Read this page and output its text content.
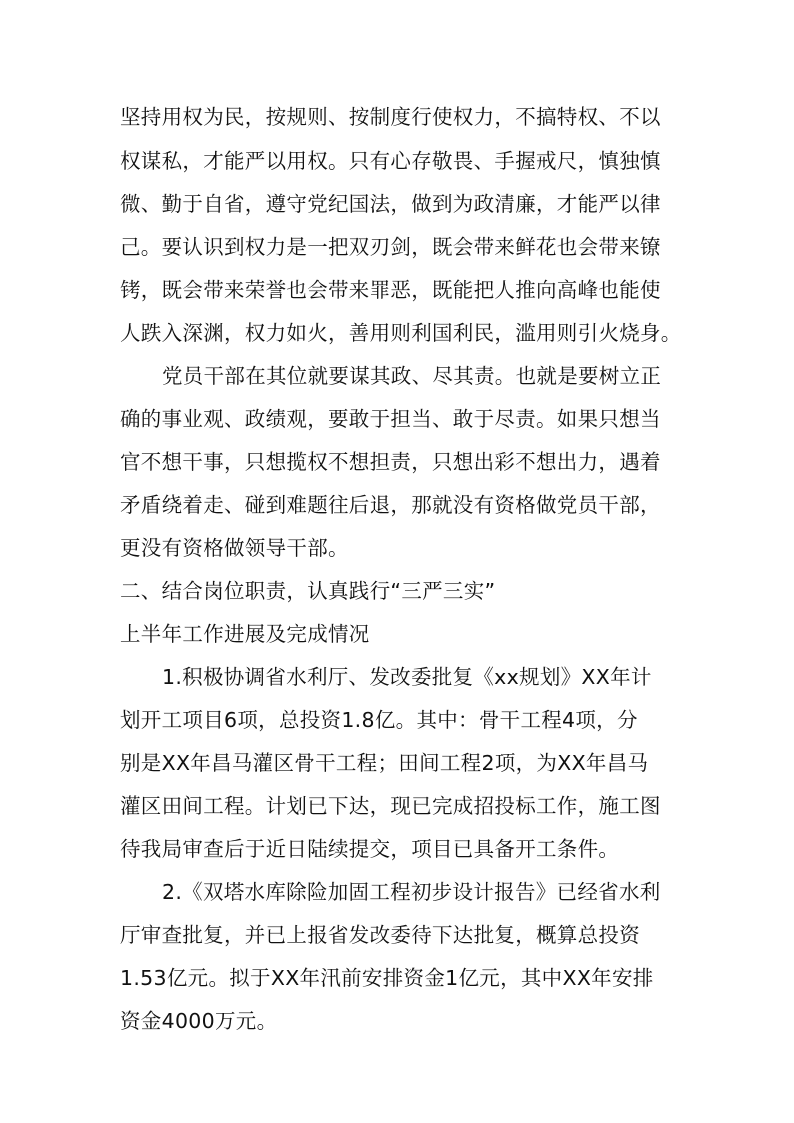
坚持用权为民，按规则、按制度行使权力，不搞特权、不以
权谋私，才能严以用权。只有心存敬畏、手握戒尺，慎独慎
微、勤于自省，遵守党纪国法，做到为政清廉，才能严以律
己。要认识到权力是一把双刃剑，既会带来鲜花也会带来镣
铐，既会带来荣誉也会带来罪恶，既能把人推向高峰也能使
人跌入深渊，权力如火，善用则利国利民，滥用则引火烧身。
党员干部在其位就要谋其政、尽其责。也就是要树立正
确的事业观、政绩观，要敢于担当、敢于尽责。如果只想当
官不想干事，只想揽权不想担责，只想出彩不想出力，遇着
矛盾绕着走、碰到难题往后退，那就没有资格做党员干部，
更没有资格做领导干部。
二、结合岗位职责，认真践行“三严三实”
上半年工作进展及完成情况
1.积极协调省水利厅、发改委批复《xx规划》XX年计
划开工项目6项，总投资1.8亿。其中：骨干工程4项，分
别是XX年昌马灌区骨干工程；田间工程2项，为XX年昌马
灌区田间工程。计划已下达，现已完成招投标工作，施工图
待我局审查后于近日陆续提交，项目已具备开工条件。
2.《双塔水库除险加固工程初步设计报告》已经省水利
厅审查批复，并已上报省发改委待下达批复，概算总投资
1.53亿元。拟于XX年汛前安排资金1亿元，其中XX年安排
资金4000万元。
